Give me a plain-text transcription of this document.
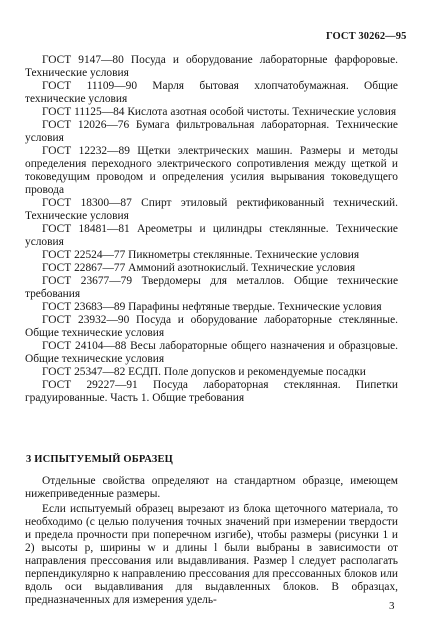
ГОСТ 30262—95

ГОСТ 9147—80 Посуда и оборудование лабораторные фарфоровые. Технические условия

ГОСТ 11109—90 Марля бытовая хлопчатобумажная. Общие технические условия

ГОСТ 11125—84 Кислота азотная особой чистоты. Технические условия

ГОСТ 12026—76 Бумага фильтровальная лабораторная. Технические условия

ГОСТ 12232—89 Щетки электрических машин. Размеры и методы определения переходного электрического сопротивления между щеткой и токоведущим проводом и определения усилия вырывания токоведущего провода

ГОСТ 18300—87 Спирт этиловый ректификованный технический. Технические условия

ГОСТ 18481—81 Ареометры и цилиндры стеклянные. Технические условия

ГОСТ 22524—77 Пикнометры стеклянные. Технические условия

ГОСТ 22867—77 Аммоний азотнокислый. Технические условия

ГОСТ 23677—79 Твердомеры для металлов. Общие технические требования

ГОСТ 23683—89 Парафины нефтяные твердые. Технические условия

ГОСТ 23932—90 Посуда и оборудование лабораторные стеклянные. Общие технические условия

ГОСТ 24104—88 Весы лабораторные общего назначения и образцовые. Общие технические условия

ГОСТ 25347—82 ЕСДП. Поле допусков и рекомендуемые посадки

ГОСТ 29227—91 Посуда лабораторная стеклянная. Пипетки градуированные. Часть 1. Общие требования

3 ИСПЫТУЕМЫЙ ОБРАЗЕЦ

Отдельные свойства определяют на стандартном образце, имеющем нижеприведенные размеры.

Если испытуемый образец вырезают из блока щеточного материала, то необходимо (с целью получения точных значений при измерении твердости и предела прочности при поперечном изгибе), чтобы размеры (рисунки 1 и 2) высоты p, ширины w и длины l были выбраны в зависимости от направления прессования или выдавливания. Размер l следует располагать перпендикулярно к направлению прессования для прессованных блоков или вдоль оси выдавливания для выдавленных блоков. В образцах, предназначенных для измерения удель-	3
